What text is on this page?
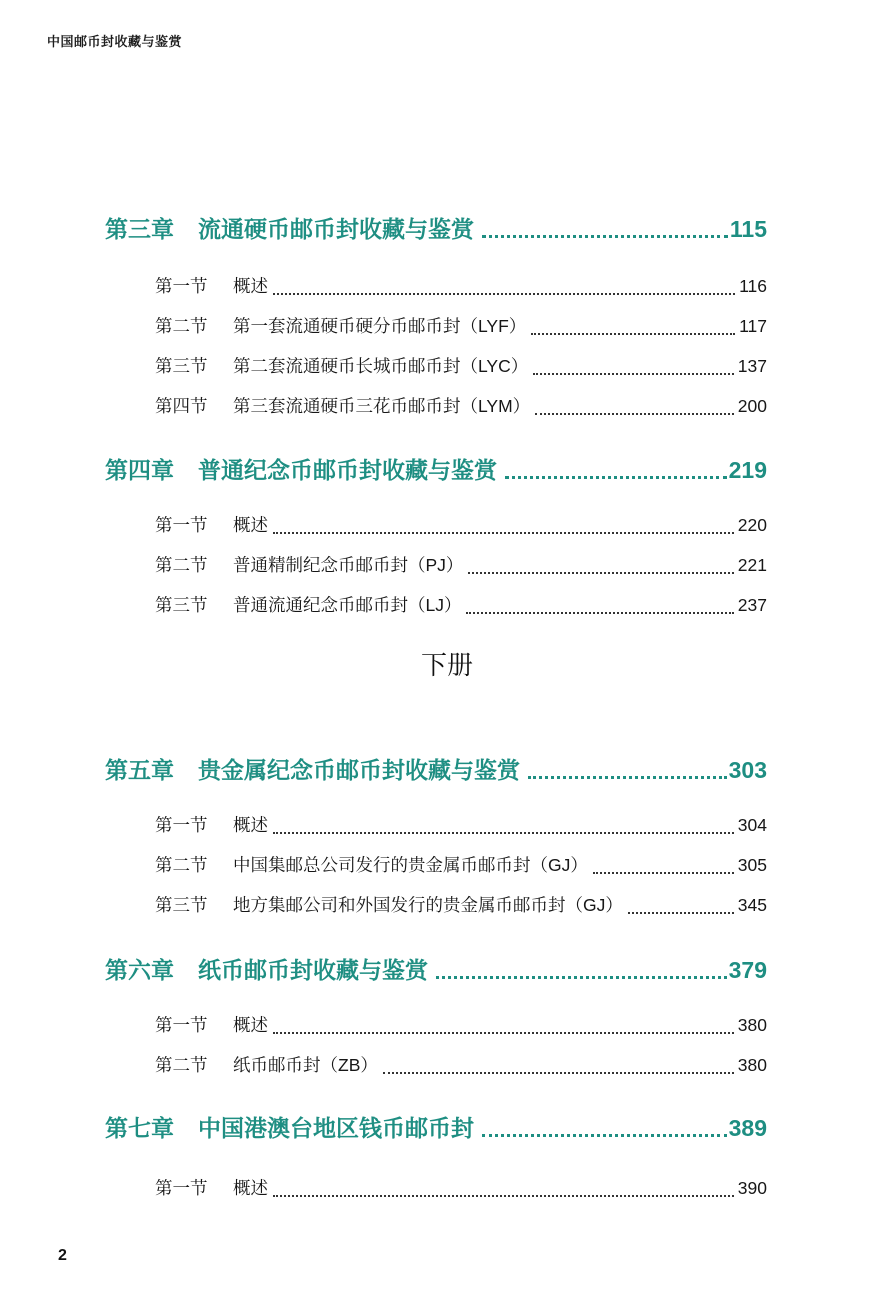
中国邮币封收藏与鉴赏
第三章 流通硬币邮币封收藏与鉴赏	115
第一节	概述	116
第二节	第一套流通硬币硬分币邮币封（LYF）	117
第三节	第二套流通硬币长城币邮币封（LYC）	137
第四节	第三套流通硬币三花币邮币封（LYM）	200
第四章 普通纪念币邮币封收藏与鉴赏	219
第一节	概述	220
第二节	普通精制纪念币邮币封（PJ）	221
第三节	普通流通纪念币邮币封（LJ）	237
下册
第五章 贵金属纪念币邮币封收藏与鉴赏	303
第一节	概述	304
第二节	中国集邮总公司发行的贵金属币邮币封（GJ）	305
第三节	地方集邮公司和外国发行的贵金属币邮币封（GJ）	345
第六章 纸币邮币封收藏与鉴赏	379
第一节	概述	380
第二节	纸币邮币封（ZB）	380
第七章 中国港澳台地区钱币邮币封	389
第一节	概述	390
2
